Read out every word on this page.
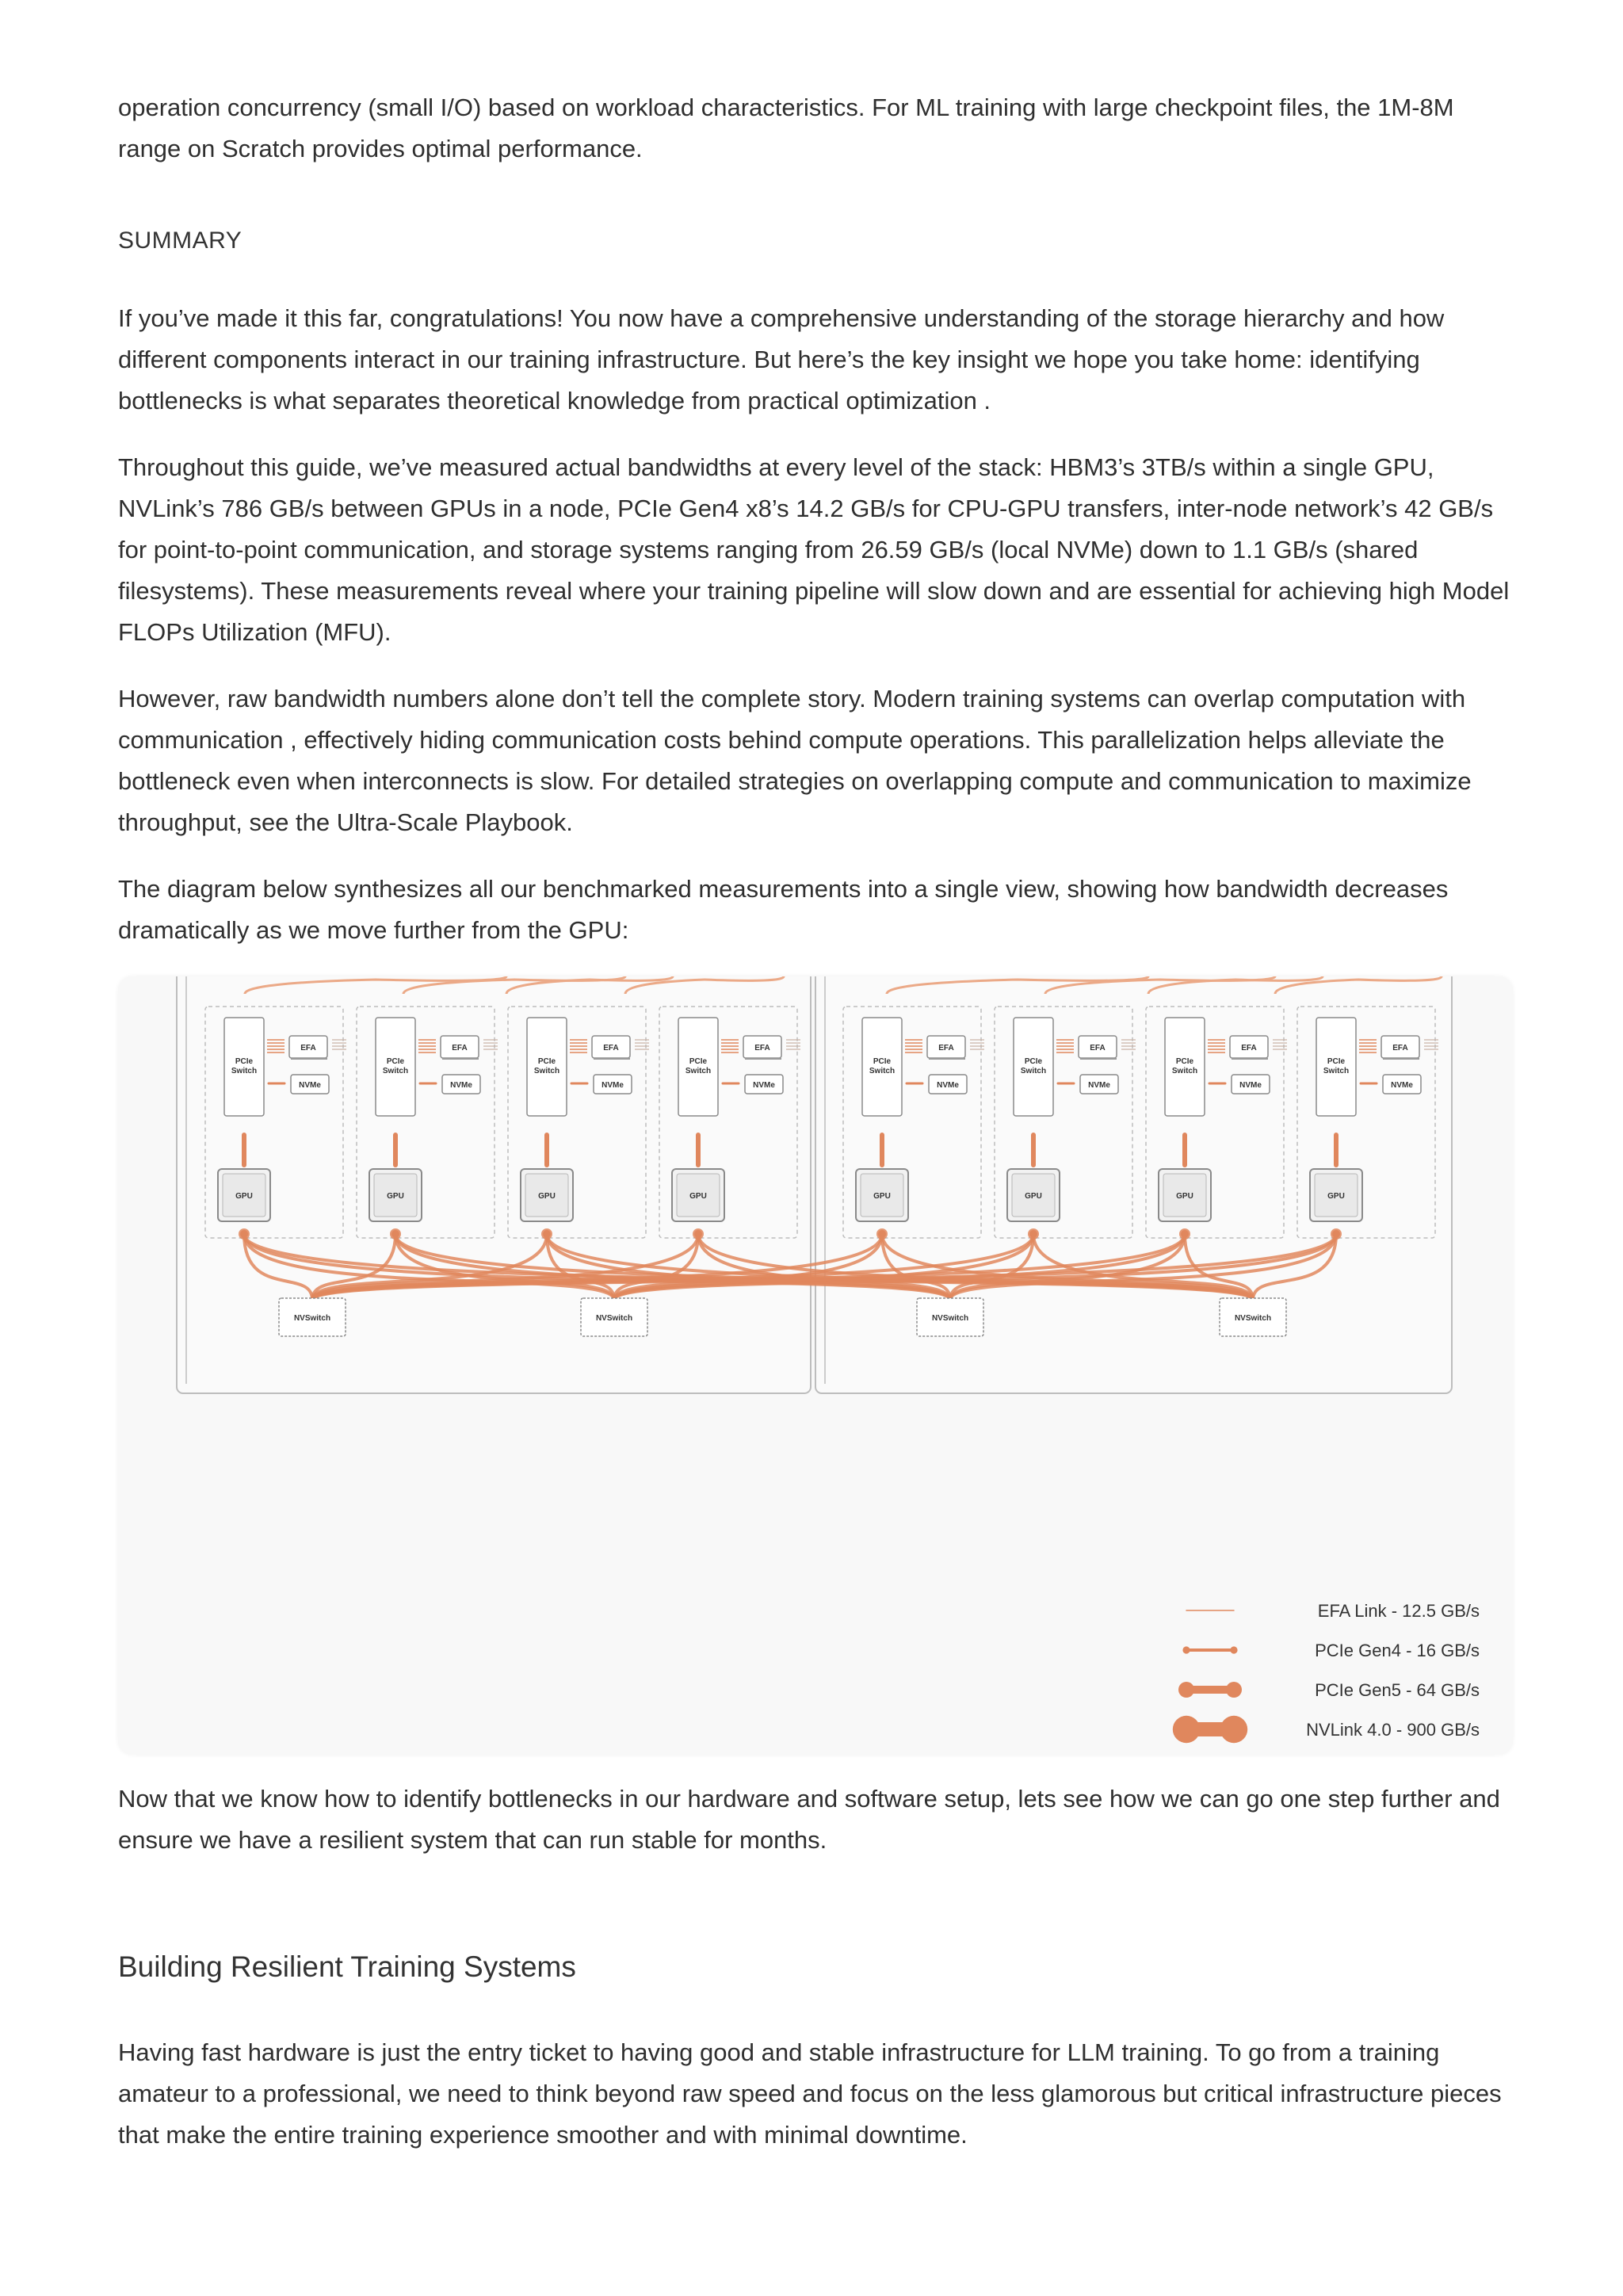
operation concurrency (small I/O) based on workload characteristics. For ML training with large checkpoint files, the 1M-8M range on Scratch provides optimal performance.

SUMMARY

If you’ve made it this far, congratulations! You now have a comprehensive understanding of the storage hierarchy and how different components interact in our training infrastructure. But here’s the key insight we hope you take home: identifying bottlenecks is what separates theoretical knowledge from practical optimization .

Throughout this guide, we’ve measured actual bandwidths at every level of the stack: HBM3’s 3TB/s within a single GPU, NVLink’s 786 GB/s between GPUs in a node, PCIe Gen4 x8’s 14.2 GB/s for CPU-GPU transfers, inter-node network’s 42 GB/s for point-to-point communication, and storage systems ranging from 26.59 GB/s (local NVMe) down to 1.1 GB/s (shared filesystems). These measurements reveal where your training pipeline will slow down and are essential for achieving high Model FLOPs Utilization (MFU).

However, raw bandwidth numbers alone don’t tell the complete story. Modern training systems can overlap computation with communication , effectively hiding communication costs behind compute operations. This parallelization helps alleviate the bottleneck even when interconnects is slow. For detailed strategies on overlapping compute and communication to maximize throughput, see the Ultra-Scale Playbook.

The diagram below synthesizes all our benchmarked measurements into a single view, showing how bandwidth decreases dramatically as we move further from the GPU:

PCIe
Switch
EFA
NVMe
GPU
PCIe
Switch
EFA
NVMe
GPU
PCIe
Switch
EFA
NVMe
GPU
PCIe
Switch
EFA
NVMe
GPU
PCIe
Switch
EFA
NVMe
GPU
PCIe
Switch
EFA
NVMe
GPU
PCIe
Switch
EFA
NVMe
GPU
PCIe
Switch
EFA
NVMe
GPU
NVSwitch	NVSwitch	NVSwitch	NVSwitch
EFA Link - 12.5 GB/s
PCIe Gen4 - 16 GB/s
PCIe Gen5 - 64 GB/s
NVLink 4.0 - 900 GB/s

Now that we know how to identify bottlenecks in our hardware and software setup, lets see how we can go one step further and ensure we have a resilient system that can run stable for months.

Building Resilient Training Systems

Having fast hardware is just the entry ticket to having good and stable infrastructure for LLM training. To go from a training amateur to a professional, we need to think beyond raw speed and focus on the less glamorous but critical infrastructure pieces that make the entire training experience smoother and with minimal downtime.
